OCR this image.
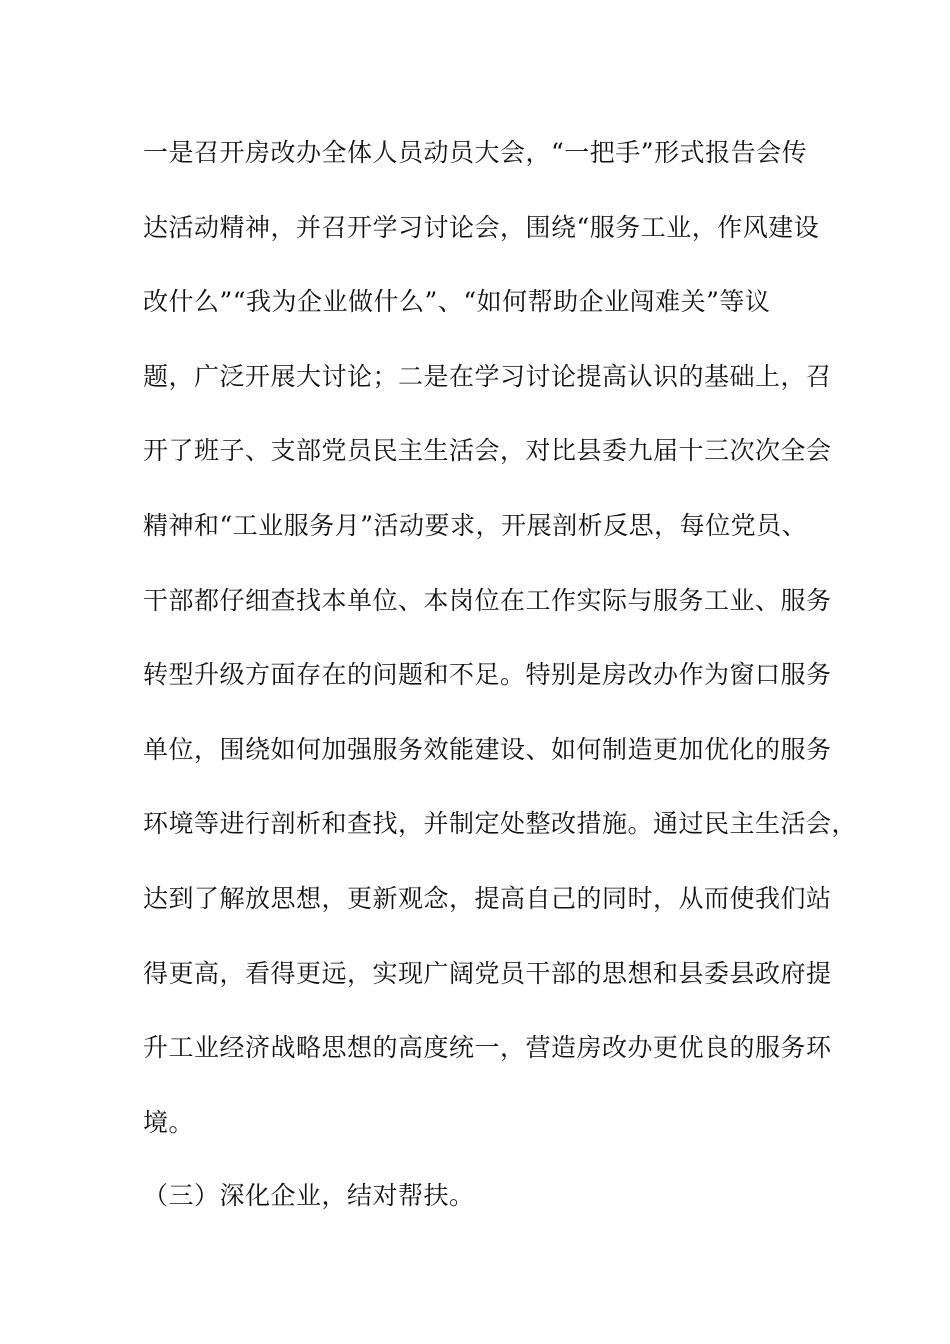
一是召开房改办全体人员动员大会，“一把手”形式报告会传
达活动精神，并召开学习讨论会，围绕“服务工业，作风建设
改什么”“我为企业做什么”、“如何帮助企业闯难关”等议
题，广泛开展大讨论；二是在学习讨论提高认识的基础上，召
开了班子、支部党员民主生活会，对比县委九届十三次次全会
精神和“工业服务月”活动要求，开展剖析反思，每位党员、
干部都仔细查找本单位、本岗位在工作实际与服务工业、服务
转型升级方面存在的问题和不足。特别是房改办作为窗口服务
单位，围绕如何加强服务效能建设、如何制造更加优化的服务
环境等进行剖析和查找，并制定处整改措施。通过民主生活会，
达到了解放思想，更新观念，提高自己的同时，从而使我们站
得更高，看得更远，实现广阔党员干部的思想和县委县政府提
升工业经济战略思想的高度统一，营造房改办更优良的服务环
境。
（三）深化企业，结对帮扶。
